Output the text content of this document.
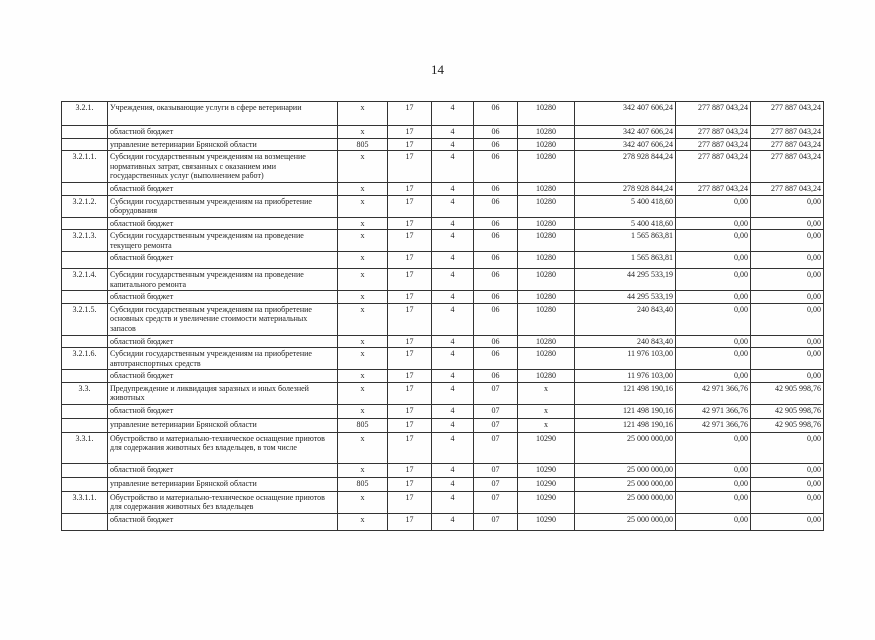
14
3.2.1.	Учреждения, оказывающие услуги в сфере ветеринарии	х	17	4	06	10280	342 407 606,24	277 887 043,24	277 887 043,24
	областной бюджет	х	17	4	06	10280	342 407 606,24	277 887 043,24	277 887 043,24
	управление ветеринарии Брянской области	805	17	4	06	10280	342 407 606,24	277 887 043,24	277 887 043,24
3.2.1.1.	Субсидии государственным учреждениям на возмещение нормативных затрат, связанных с оказанием ими государственных услуг (выполнением работ)	х	17	4	06	10280	278 928 844,24	277 887 043,24	277 887 043,24
	областной бюджет	х	17	4	06	10280	278 928 844,24	277 887 043,24	277 887 043,24
3.2.1.2.	Субсидии государственным учреждениям на приобретение оборудования	х	17	4	06	10280	5 400 418,60	0,00	0,00
	областной бюджет	х	17	4	06	10280	5 400 418,60	0,00	0,00
3.2.1.3.	Субсидии государственным учреждениям на проведение текущего ремонта	х	17	4	06	10280	1 565 863,81	0,00	0,00
	областной бюджет	х	17	4	06	10280	1 565 863,81	0,00	0,00
3.2.1.4.	Субсидии государственным учреждениям на проведение капитального ремонта	х	17	4	06	10280	44 295 533,19	0,00	0,00
	областной бюджет	х	17	4	06	10280	44 295 533,19	0,00	0,00
3.2.1.5.	Субсидии государственным учреждениям на приобретение основных средств и увеличение стоимости материальных запасов	х	17	4	06	10280	240 843,40	0,00	0,00
	областной бюджет	х	17	4	06	10280	240 843,40	0,00	0,00
3.2.1.6.	Субсидии государственным учреждениям на приобретение автотранспортных средств	х	17	4	06	10280	11 976 103,00	0,00	0,00
	областной бюджет	х	17	4	06	10280	11 976 103,00	0,00	0,00
3.3.	Предупреждение и ликвидация заразных и иных болезней животных	х	17	4	07	х	121 498 190,16	42 971 366,76	42 905 998,76
	областной бюджет	х	17	4	07	х	121 498 190,16	42 971 366,76	42 905 998,76
	управление ветеринарии Брянской области	805	17	4	07	х	121 498 190,16	42 971 366,76	42 905 998,76
3.3.1.	Обустройство и материально-техническое оснащение приютов для содержания животных без владельцев, в том числе	х	17	4	07	10290	25 000 000,00	0,00	0,00
	областной бюджет	х	17	4	07	10290	25 000 000,00	0,00	0,00
	управление ветеринарии Брянской области	805	17	4	07	10290	25 000 000,00	0,00	0,00
3.3.1.1.	Обустройство и материально-техническое оснащение приютов для содержания животных без владельцев	х	17	4	07	10290	25 000 000,00	0,00	0,00
	областной бюджет	х	17	4	07	10290	25 000 000,00	0,00	0,00
